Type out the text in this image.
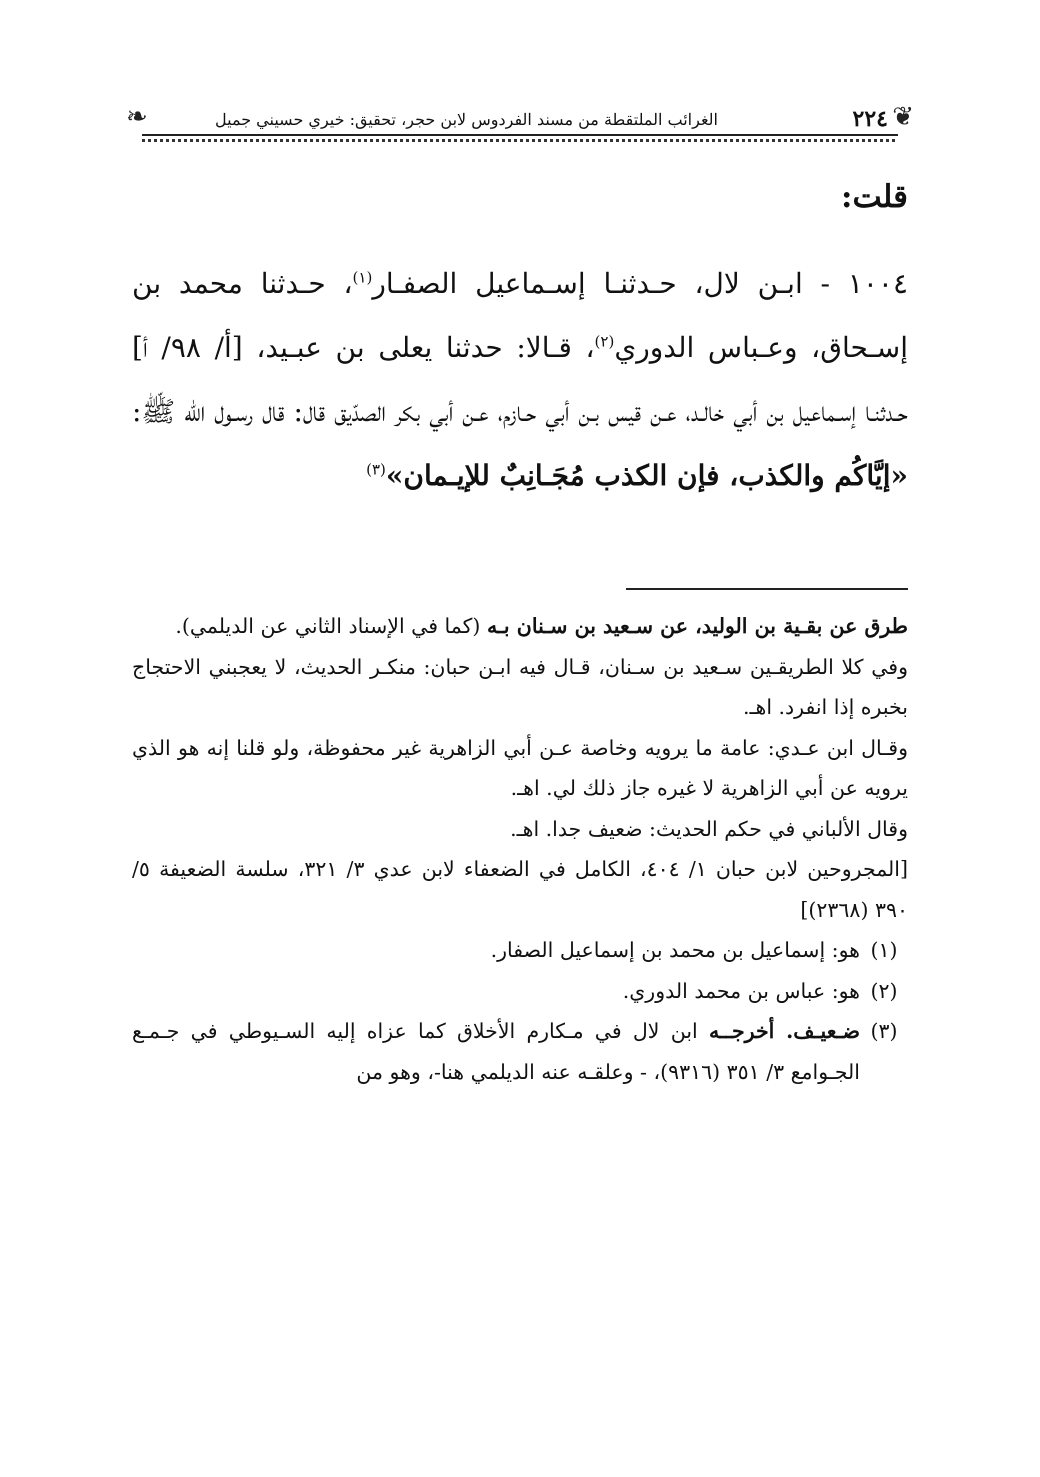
❦
٢٢٤
الغرائب الملتقطة من مسند الفردوس لابن حجر، تحقيق: خيري حسيني جميل
❧
قلت:

١٠٠٤ - ابـن لال، حـدثنـا إسـماعيل الصفـار$^{(١)}$، حـدثنا محمد بن إسـحاق، وعـباس الدوري$^{(٢)}$، قـالا: حدثنا يعلى بن عبـيد، [أ/ ٩٨/ أ] حـدثنـا إسـماعيل بن أبي خالـد، عـن قيس بـن أبي حـازم، عـن أبي بكر الصدّيق قال: قال رسـول الله ﷺ: «إيَّاكُم والكذب، فإن الكذب مُجَـانِبٌ للإيـمان»$^{(٣)}$

طرق عن بقـية بن الوليد، عن سـعيد بن سـنان بـه (كما في الإسناد الثاني عن الديلمي).

وفي كلا الطريقـين سـعيد بن سـنان، قـال فيه ابـن حبان: منكـر الحديث، لا يعجبني الاحتجاج بخبره إذا انفرد. اهـ.

وقـال ابن عـدي: عامة ما يرويه وخاصة عـن أبي الزاهرية غير محفوظة، ولو قلنا إنه هو الذي يرويه عن أبي الزاهرية لا غيره جاز ذلك لي. اهـ.

وقال الألباني في حكم الحديث: ضعيف جدا. اهـ.

[المجروحين لابن حبان ١/ ٤٠٤، الكامل في الضعفاء لابن عدي ٣/ ٣٢١، سلسة الضعيفة ٥/ ٣٩٠ (٢٣٦٨)]

(١)
هو: إسماعيل بن محمد بن إسماعيل الصفار.
(٢)
هو: عباس بن محمد الدوري.
(٣)
ضـعيـف. أخرجــه ابن لال في مـكارم الأخلاق كما عزاه إليه السـيوطي في جـمـع الجـوامع ٣/ ٣٥١ (٩٣١٦)، - وعلقـه عنه الديلمي هنا-، وهو من
